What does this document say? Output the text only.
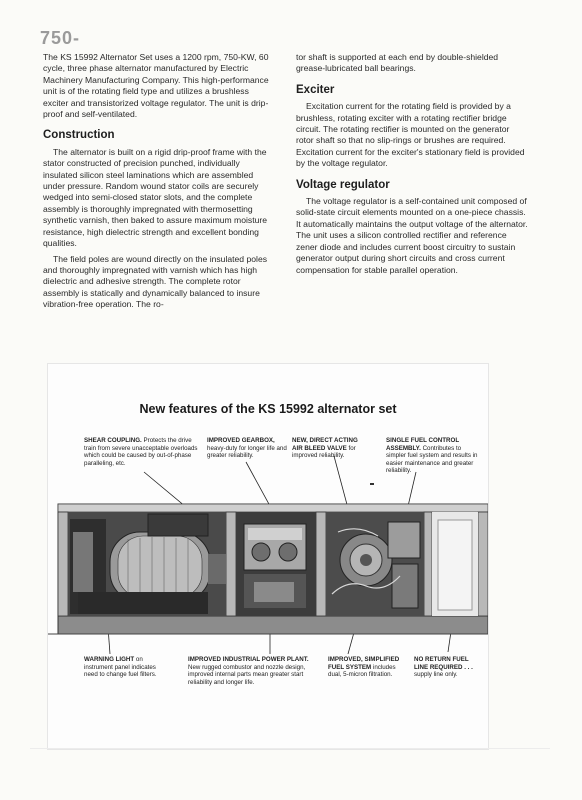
750-

The KS 15992 Alternator Set uses a 1200 rpm, 750-KW, 60 cycle, three phase alternator manufactured by Electric Machinery Manufacturing Company. This high-performance unit is of the rotating field type and utilizes a brushless exciter and transistorized voltage regulator. The unit is drip-proof and self-ventilated.

Construction

The alternator is built on a rigid drip-proof frame with the stator constructed of precision punched, individually insulated silicon steel laminations which are assembled under pressure. Random wound stator coils are securely wedged into semi-closed stator slots, and the complete assembly is thoroughly impregnated with thermosetting synthetic varnish, then baked to assure maximum moisture resistance, high dielectric strength and excellent bonding qualities.

The field poles are wound directly on the insulated poles and thoroughly impregnated with varnish which has high dielectric and adhesive strength. The complete rotor assembly is statically and dynamically balanced to insure vibration-free operation. The ro-

tor shaft is supported at each end by double-shielded grease-lubricated ball bearings.

Exciter

Excitation current for the rotating field is provided by a brushless, rotating exciter with a rotating rectifier bridge circuit. The rotating rectifier is mounted on the generator rotor shaft so that no slip-rings or brushes are required. Excitation current for the exciter's stationary field is provided by the voltage regulator.

Voltage regulator

The voltage regulator is a self-contained unit composed of solid-state circuit elements mounted on a one-piece chassis. It automatically maintains the output voltage of the alternator. The unit uses a silicon controlled rectifier and reference zener diode and includes current boost circuitry to sustain generator output during short circuits and cross current compensation for stable parallel operation.

New features of the KS 15992 alternator set
SHEAR COUPLING. Protects the drive train from severe unacceptable overloads which could be caused by out-of-phase paralleling, etc.
IMPROVED GEARBOX, heavy-duty for longer life and greater reliability.
NEW, DIRECT ACTING AIR BLEED VALVE for improved reliability.
SINGLE FUEL CONTROL ASSEMBLY. Contributes to simpler fuel system and results in easier maintenance and greater reliability.
WARNING LIGHT on instrument panel indicates need to change fuel filters.
IMPROVED INDUSTRIAL POWER PLANT. New rugged combustor and nozzle design, improved internal parts mean greater start reliability and longer life.
IMPROVED, SIMPLIFIED FUEL SYSTEM includes dual, 5-micron filtration.
NO RETURN FUEL LINE REQUIRED . . . supply line only.
